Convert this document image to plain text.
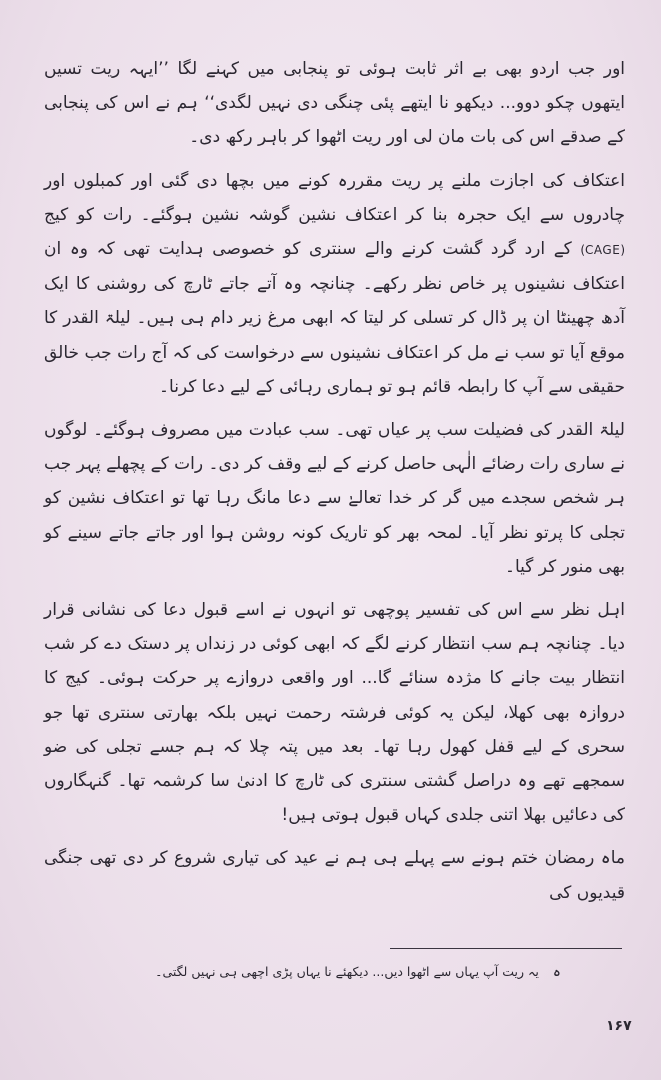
اور جب اردو بھی بے اثر ثابت ہوئی تو پنجابی میں کہنے لگا ’’ایہہ ریت تسیں ایتھوں چکو دوو... دیکھو نا ایتھے پئی چنگی دی نہیں لگدی‘‘ ہم نے اس کی پنجابی کے صدقے اس کی بات مان لی اور ریت اٹھوا کر باہر رکھ دی۔

اعتکاف کی اجازت ملنے پر ریت مقررہ کونے میں بچھا دی گئی اور کمبلوں اور چادروں سے ایک حجرہ بنا کر اعتکاف نشین گوشہ نشین ہوگئے۔ رات کو کیج (CAGE) کے ارد گرد گشت کرنے والے سنتری کو خصوصی ہدایت تھی کہ وہ ان اعتکاف نشینوں پر خاص نظر رکھے۔ چنانچہ وہ آتے جاتے ٹارچ کی روشنی کا ایک آدھ چھینٹا ان پر ڈال کر تسلی کر لیتا کہ ابھی مرغ زیر دام ہی ہیں۔ لیلۃ القدر کا موقع آیا تو سب نے مل کر اعتکاف نشینوں سے درخواست کی کہ آج رات جب خالق حقیقی سے آپ کا رابطہ قائم ہو تو ہماری رہائی کے لیے دعا کرنا۔

لیلۃ القدر کی فضیلت سب پر عیاں تھی۔ سب عبادت میں مصروف ہوگئے۔ لوگوں نے ساری رات رضائے الٰہی حاصل کرنے کے لیے وقف کر دی۔ رات کے پچھلے پہر جب ہر شخص سجدے میں گر کر خدا تعالےٰ سے دعا مانگ رہا تھا تو اعتکاف نشین کو تجلی کا پرتو نظر آیا۔ لمحہ بھر کو تاریک کونہ روشن ہوا اور جاتے جاتے سینے کو بھی منور کر گیا۔

اہل نظر سے اس کی تفسیر پوچھی تو انہوں نے اسے قبول دعا کی نشانی قرار دیا۔ چنانچہ ہم سب انتظار کرنے لگے کہ ابھی کوئی در زنداں پر دستک دے کر شب انتظار بیت جانے کا مژدہ سنائے گا... اور واقعی دروازے پر حرکت ہوئی۔ کیج کا دروازہ بھی کھلا، لیکن یہ کوئی فرشتہ رحمت نہیں بلکہ بھارتی سنتری تھا جو سحری کے لیے قفل کھول رہا تھا۔ بعد میں پتہ چلا کہ ہم جسے تجلی کی ضو سمجھے تھے وہ دراصل گشتی سنتری کی ٹارچ کا ادنیٰ سا کرشمہ تھا۔ گنہگاروں کی دعائیں بھلا اتنی جلدی کہاں قبول ہوتی ہیں!

ماہ رمضان ختم ہونے سے پہلے ہی ہم نے عید کی تیاری شروع کر دی تھی جنگی قیدیوں کی

ہ یہ ریت آپ یہاں سے اٹھوا دیں... دیکھئے نا یہاں پڑی اچھی ہی نہیں لگتی۔
۱۶۷
